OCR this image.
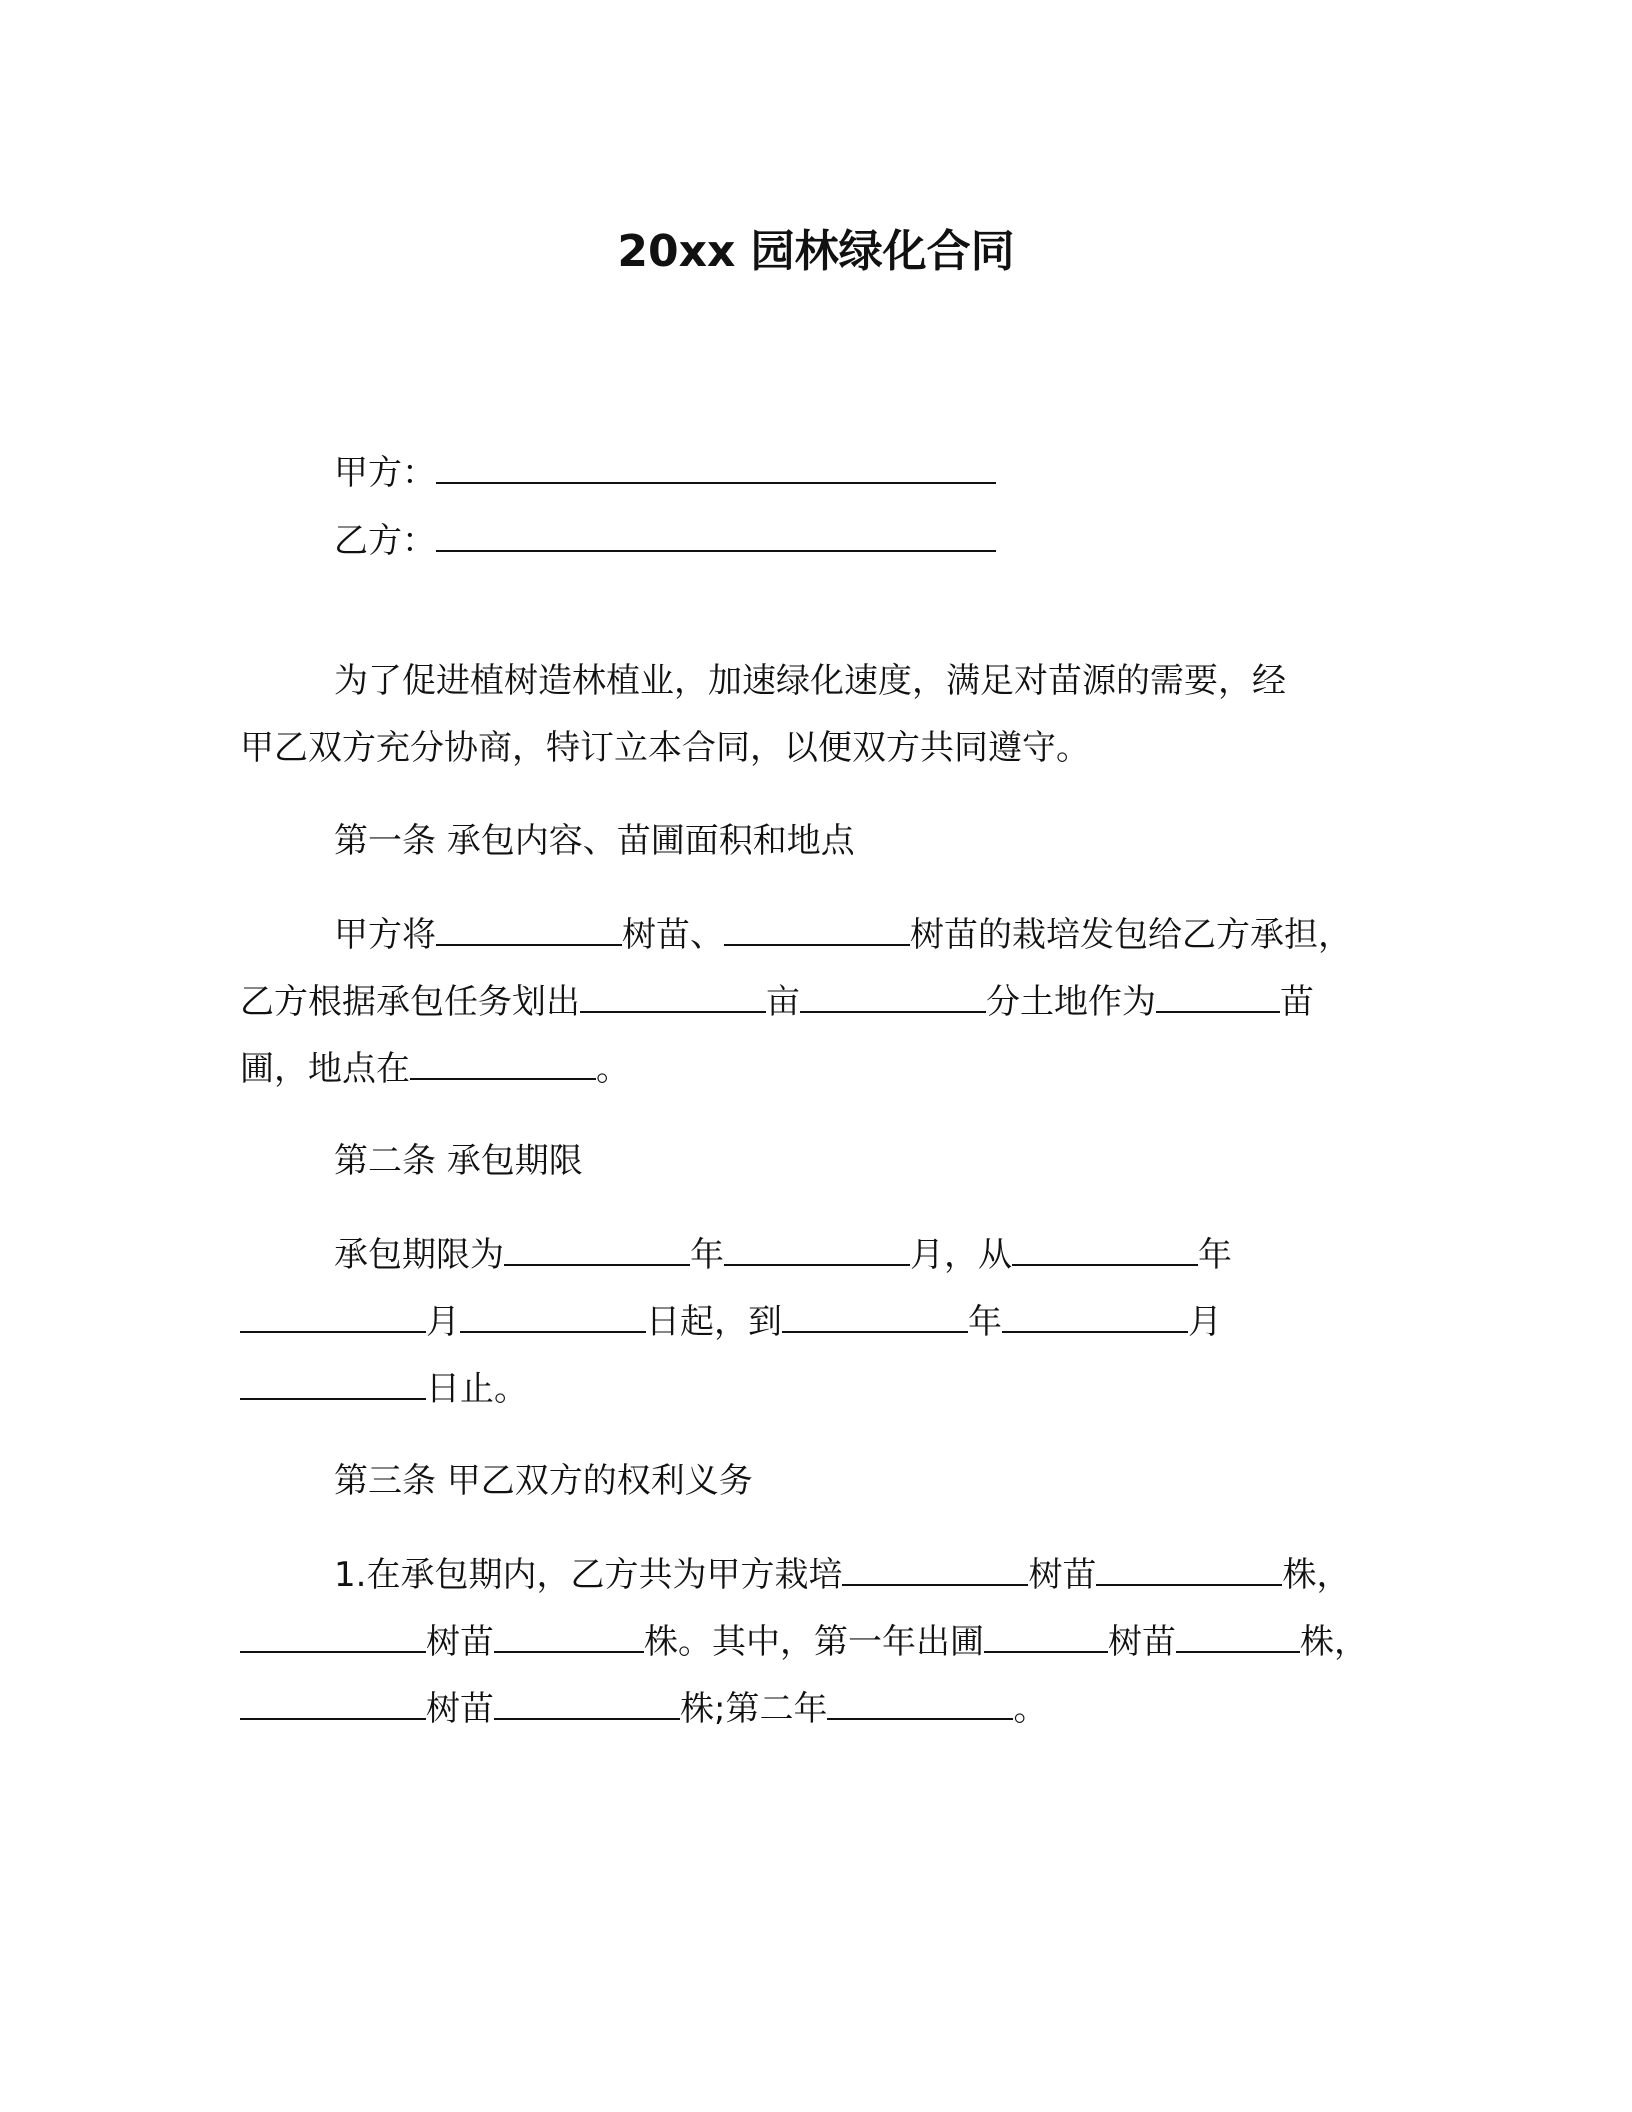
20xx 园林绿化合同

甲方：

乙方：

为了促进植树造林植业，加速绿化速度，满足对苗源的需要，经

甲乙双方充分协商，特订立本合同，以便双方共同遵守。

第一条 承包内容、苗圃面积和地点

甲方将	树苗、	树苗的栽培发包给乙方承担，

乙方根据承包任务划出	亩	分土地作为	苗

圃，地点在	。

第二条 承包期限

承包期限为	年	月，从	年

月	日起，到	年	月

日止。

第三条 甲乙双方的权利义务

1.在承包期内，乙方共为甲方栽培	树苗	株，

树苗	株。其中，第一年出圃	树苗	株，

树苗	株;第二年	。
